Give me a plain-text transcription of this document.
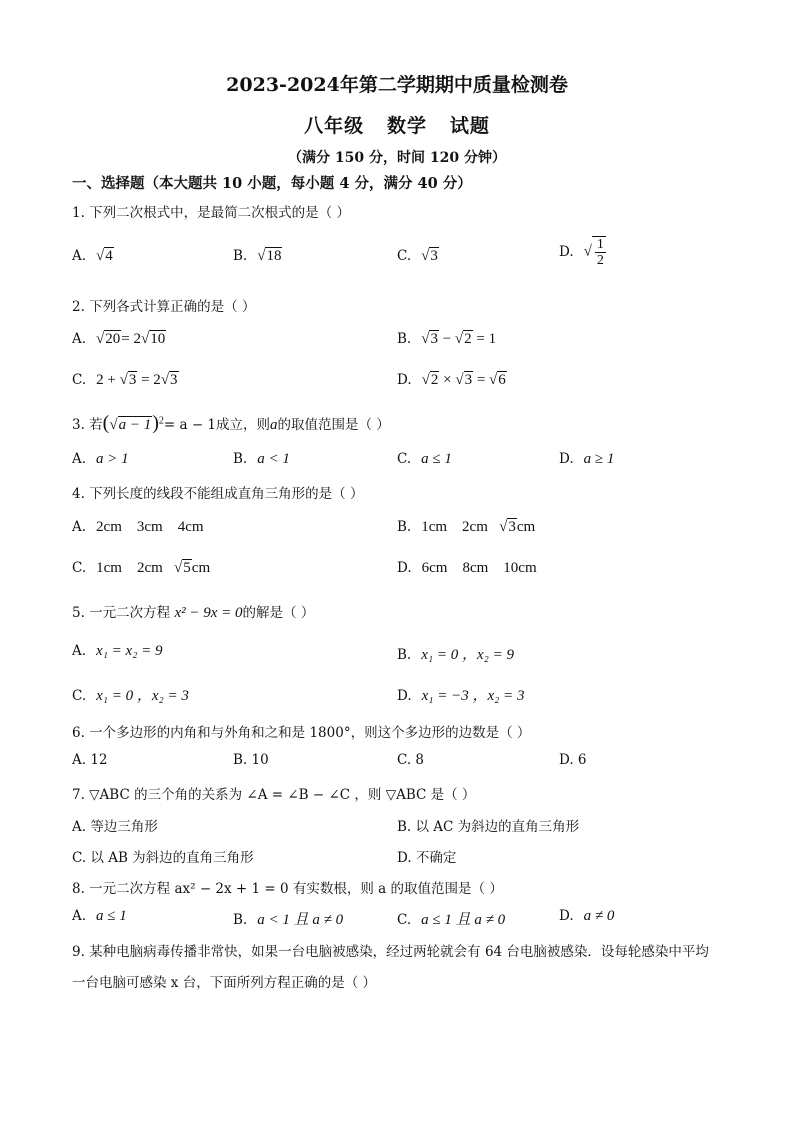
2023-2024年第二学期期中质量检测卷
八年级   数学   试题
（满分 150 分，时间 120 分钟）
一、选择题（本大题共 10 小题，每小题 4 分，满分 40 分）
1. 下列二次根式中，是最简二次根式的是（ ）
A. √4	B. √18	C. √3	D. √ $\frac{1}{2}$
2. 下列各式计算正确的是（ ）
A. √20= 2√10	B. √3 − √2 = 1
C. 2 + √3 = 2√3	D. √2 × √3 = √6
3. 若$(√a - 1)^2= a - 1$成立，则a的取值范围是（ ）
A. a > 1	B. a < 1	C. a ≤ 1	D. a ≥ 1
4. 下列长度的线段不能组成直角三角形的是（ ）
A. 2cm    3cm    4cm	B. 1cm    2cm   √3cm
C. 1cm    2cm   √5cm	D. 6cm    8cm    10cm
5. 一元二次方程 x² − 9x = 0的解是（ ）
A. x₁ = x₂ = 9	B. x₁ = 0 ，x₂ = 9
C. x₁ = 0 ，x₂ = 3	D. x₁ = −3 ，x₂ = 3
6. 一个多边形的内角和与外角和之和是 1800°，则这个多边形的边数是（ ）
A. 12	B. 10	C. 8	D. 6
7. ▽ABC 的三个角的关系为 ∠A = ∠B − ∠C ，则 ▽ABC 是（ ）
A. 等边三角形	B. 以 AC 为斜边的直角三角形
C. 以 AB 为斜边的直角三角形	D. 不确定
8. 一元二次方程 ax² − 2x + 1 = 0 有实数根，则 a 的取值范围是（ ）
A. a ≤ 1	B. a < 1 且 a ≠ 0	C. a ≤ 1 且 a ≠ 0	D. a ≠ 0
9. 某种电脑病毒传播非常快，如果一台电脑被感染，经过两轮就会有 64 台电脑被感染．设每轮感染中平均
一台电脑可感染 x 台，下面所列方程正确的是（ ）
